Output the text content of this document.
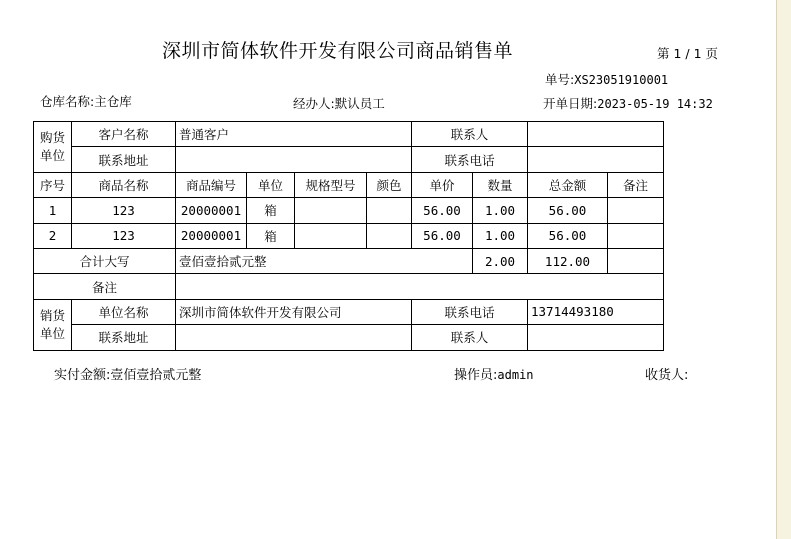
深圳市简体软件开发有限公司商品销售单	第 1 / 1 页
单号:XS23051910001
仓库名称:主仓库	经办人:默认员工	开单日期:2023-05-19 14:32
购货
单位	客户名称	普通客户				联系人			
	联系地址					联系电话			
序号	商品名称	商品编号	单位	规格型号	颜色	单价	数量	总金额	备注
1	123	20000001	箱			56.00	1.00	56.00	
2	123	20000001	箱			56.00	1.00	56.00	
合计大写		壹佰壹拾贰元整					2.00	112.00	
备注									

销货
单位	单位名称	深圳市简体软件开发有限公司				联系电话		13714493180	
	联系地址					联系人			
实付金额:壹佰壹拾贰元整	操作员:admin	收货人:
